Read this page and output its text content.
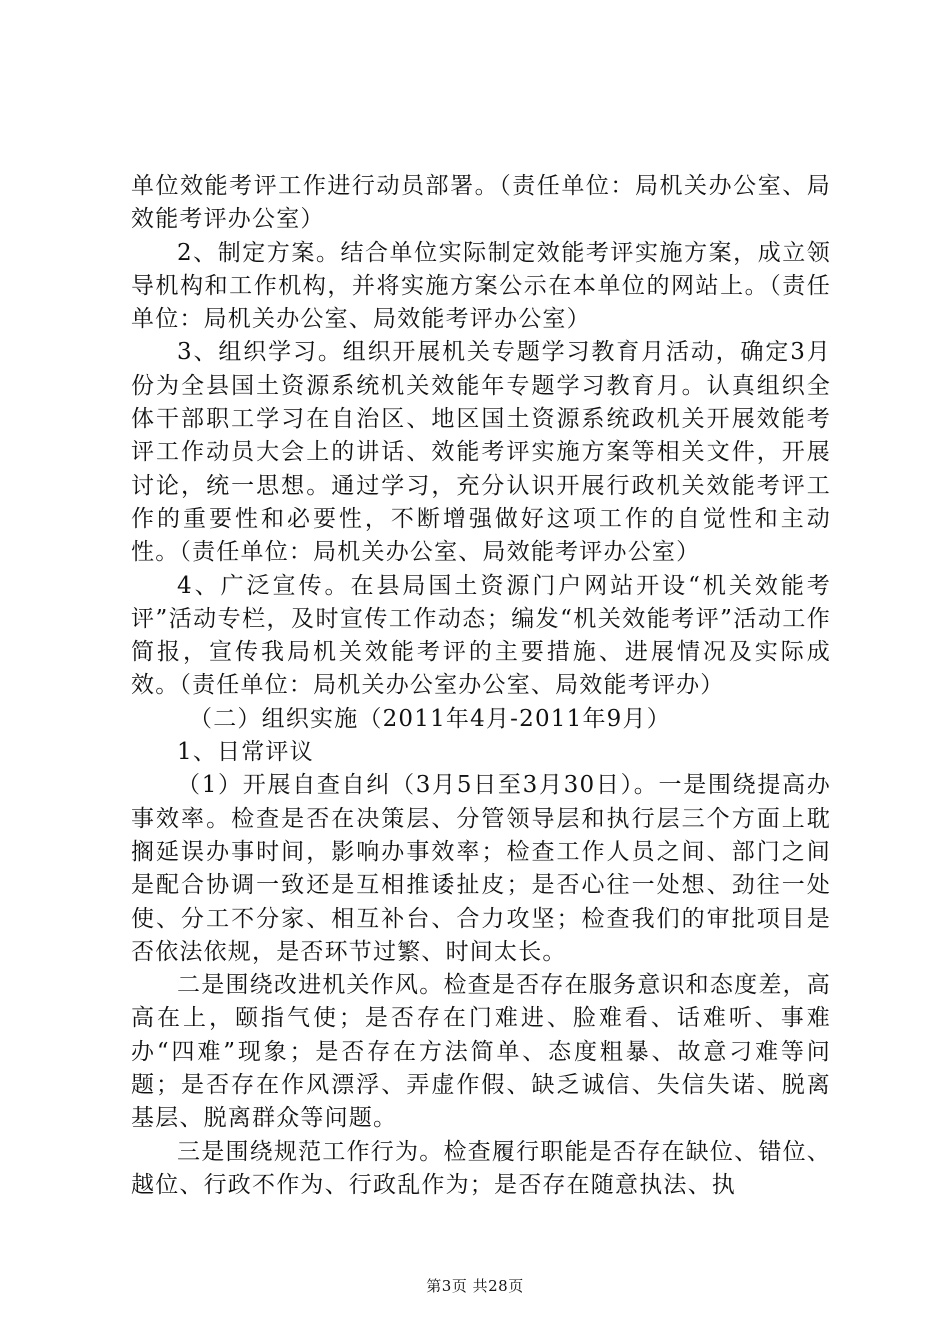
单位效能考评工作进行动员部署。（责任单位：局机关办公室、局效能考评办公室）

2、制定方案。结合单位实际制定效能考评实施方案，成立领导机构和工作机构，并将实施方案公示在本单位的网站上。（责任单位：局机关办公室、局效能考评办公室）

3、组织学习。组织开展机关专题学习教育月活动，确定3月份为全县国土资源系统机关效能年专题学习教育月。认真组织全体干部职工学习在自治区、地区国土资源系统政机关开展效能考评工作动员大会上的讲话、效能考评实施方案等相关文件，开展讨论，统一思想。通过学习，充分认识开展行政机关效能考评工作的重要性和必要性，不断增强做好这项工作的自觉性和主动性。（责任单位：局机关办公室、局效能考评办公室）

4、广泛宣传。在县局国土资源门户网站开设“机关效能考评”活动专栏，及时宣传工作动态；编发“机关效能考评”活动工作简报，宣传我局机关效能考评的主要措施、进展情况及实际成效。（责任单位：局机关办公室办公室、局效能考评办）

（二）组织实施（2011年4月-2011年9月）

1、日常评议

（1）开展自查自纠（3月5日至3月30日）。一是围绕提高办事效率。检查是否在决策层、分管领导层和执行层三个方面上耽搁延误办事时间，影响办事效率；检查工作人员之间、部门之间是配合协调一致还是互相推诿扯皮；是否心往一处想、劲往一处使、分工不分家、相互补台、合力攻坚；检查我们的审批项目是否依法依规，是否环节过繁、时间太长。

二是围绕改进机关作风。检查是否存在服务意识和态度差，高高在上，颐指气使；是否存在门难进、脸难看、话难听、事难办“四难”现象；是否存在方法简单、态度粗暴、故意刁难等问题；是否存在作风漂浮、弄虚作假、缺乏诚信、失信失诺、脱离基层、脱离群众等问题。

三是围绕规范工作行为。检查履行职能是否存在缺位、错位、越位、行政不作为、行政乱作为；是否存在随意执法、执

第3页 共28页
